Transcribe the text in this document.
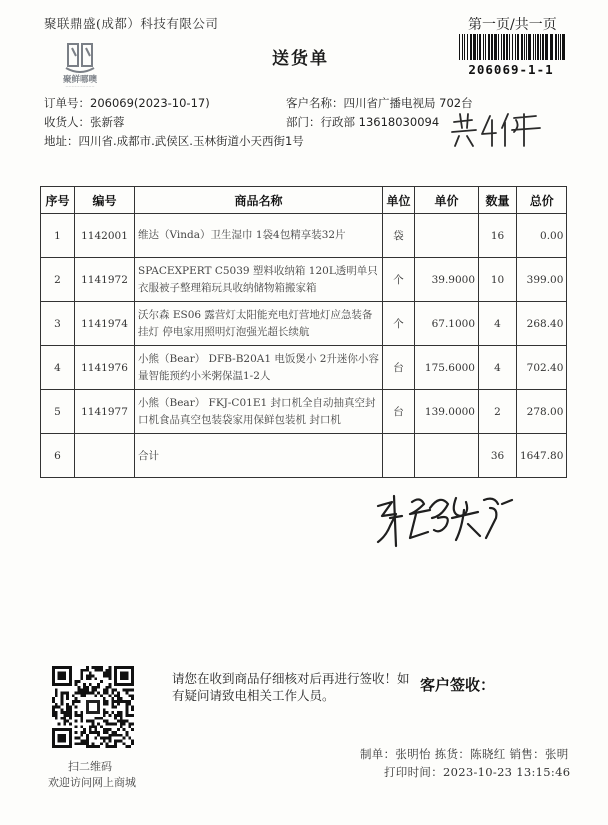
聚联鼎盛(成都）科技有限公司	第一页/共一页
206069-1-1
聚鲜哪噢
~~~~~~~~~~
送货单
订单号：206069(2023-10-17)	客户名称：四川省广播电视局 702台
收货人：张新蓉	部门：行政部 13618030094
地址：四川省.成都市.武侯区.玉林街道小天西街1号
序号	编号	商品名称	单位	单价	数量	总价
1	1142001	维达（Vinda）卫生湿巾 1袋4包精享装32片	袋		16	0.00
2	1141972	SPACEXPERT C5039 塑料收纳箱 120L透明单只衣服被子整理箱玩具收纳储物箱搬家箱	个	39.9000	10	399.00
3	1141974	沃尔森 ES06 露营灯太阳能充电灯营地灯应急装备挂灯 停电家用照明灯泡强光超长续航	个	67.1000	4	268.40
4	1141976	小熊（Bear） DFB-B20A1 电饭煲小 2升迷你小容量智能预约小米粥保温1-2人	台	175.6000	4	702.40
5	1141977	小熊（Bear） FKJ-C01E1 封口机全自动抽真空封口机食品真空包装袋家用保鲜包装机 封口机	台	139.0000	2	278.00
6		合计			36	1647.80
扫二维码
欢迎访问网上商城
请您在收到商品仔细核对后再进行签收！如有疑问请致电相关工作人员。
客户签收：
制单：张明怡 拣货：陈晓红 销售：张明
打印时间：2023-10-23 13:15:46
